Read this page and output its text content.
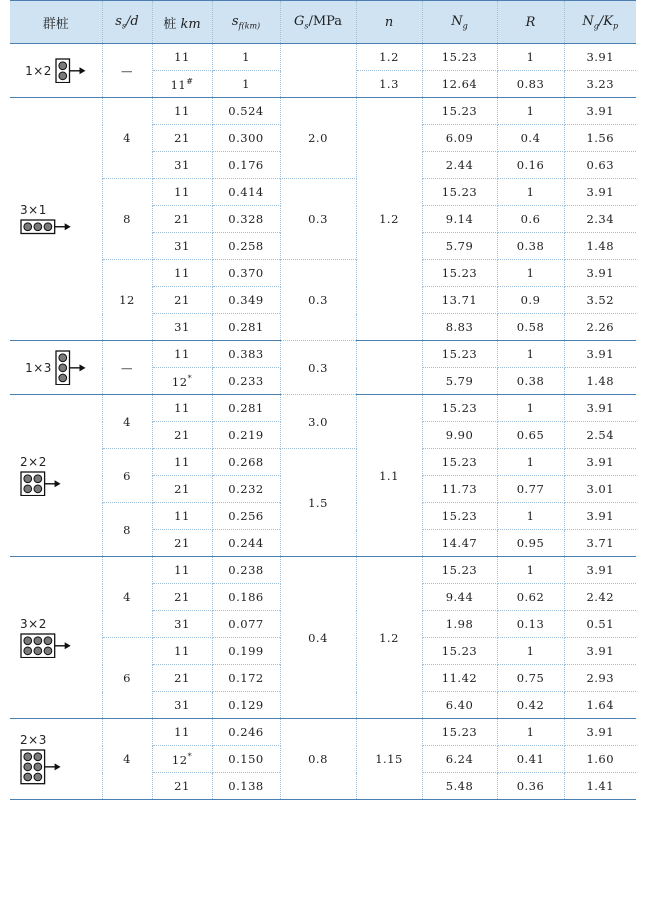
群桩	$s_s/d$	桩 km	$s_{f(km)}$	$G_s$/MPa	n	$N_g$	R	$N_g/K_p$

1×2	—	11	1		1.2	15.23	1	3.91
		11#	1		1.3	12.64	0.83	3.23

3×1	4	11	0.524	2.0	1.2	15.23	1	3.91
		21	0.300			6.09	0.4	1.56
		31	0.176			2.44	0.16	0.63
	8	11	0.414	0.3		15.23	1	3.91
		21	0.328			9.14	0.6	2.34
		31	0.258			5.79	0.38	1.48
	12	11	0.370	0.3		15.23	1	3.91
		21	0.349			13.71	0.9	3.52
		31	0.281			8.83	0.58	2.26

1×3	—	11	0.383	0.3		15.23	1	3.91
		12*	0.233			5.79	0.38	1.48

2×2	4	11	0.281	3.0	1.1	15.23	1	3.91
		21	0.219			9.90	0.65	2.54
	6	11	0.268	1.5		15.23	1	3.91
		21	0.232			11.73	0.77	3.01
	8	11	0.256			15.23	1	3.91
		21	0.244			14.47	0.95	3.71

3×2	4	11	0.238	0.4	1.2	15.23	1	3.91
		21	0.186			9.44	0.62	2.42
		31	0.077			1.98	0.13	0.51
	6	11	0.199			15.23	1	3.91
		21	0.172			11.42	0.75	2.93
		31	0.129			6.40	0.42	1.64

2×3	4	11	0.246	0.8	1.15	15.23	1	3.91
		12*	0.150			6.24	0.41	1.60
		21	0.138			5.48	0.36	1.41
